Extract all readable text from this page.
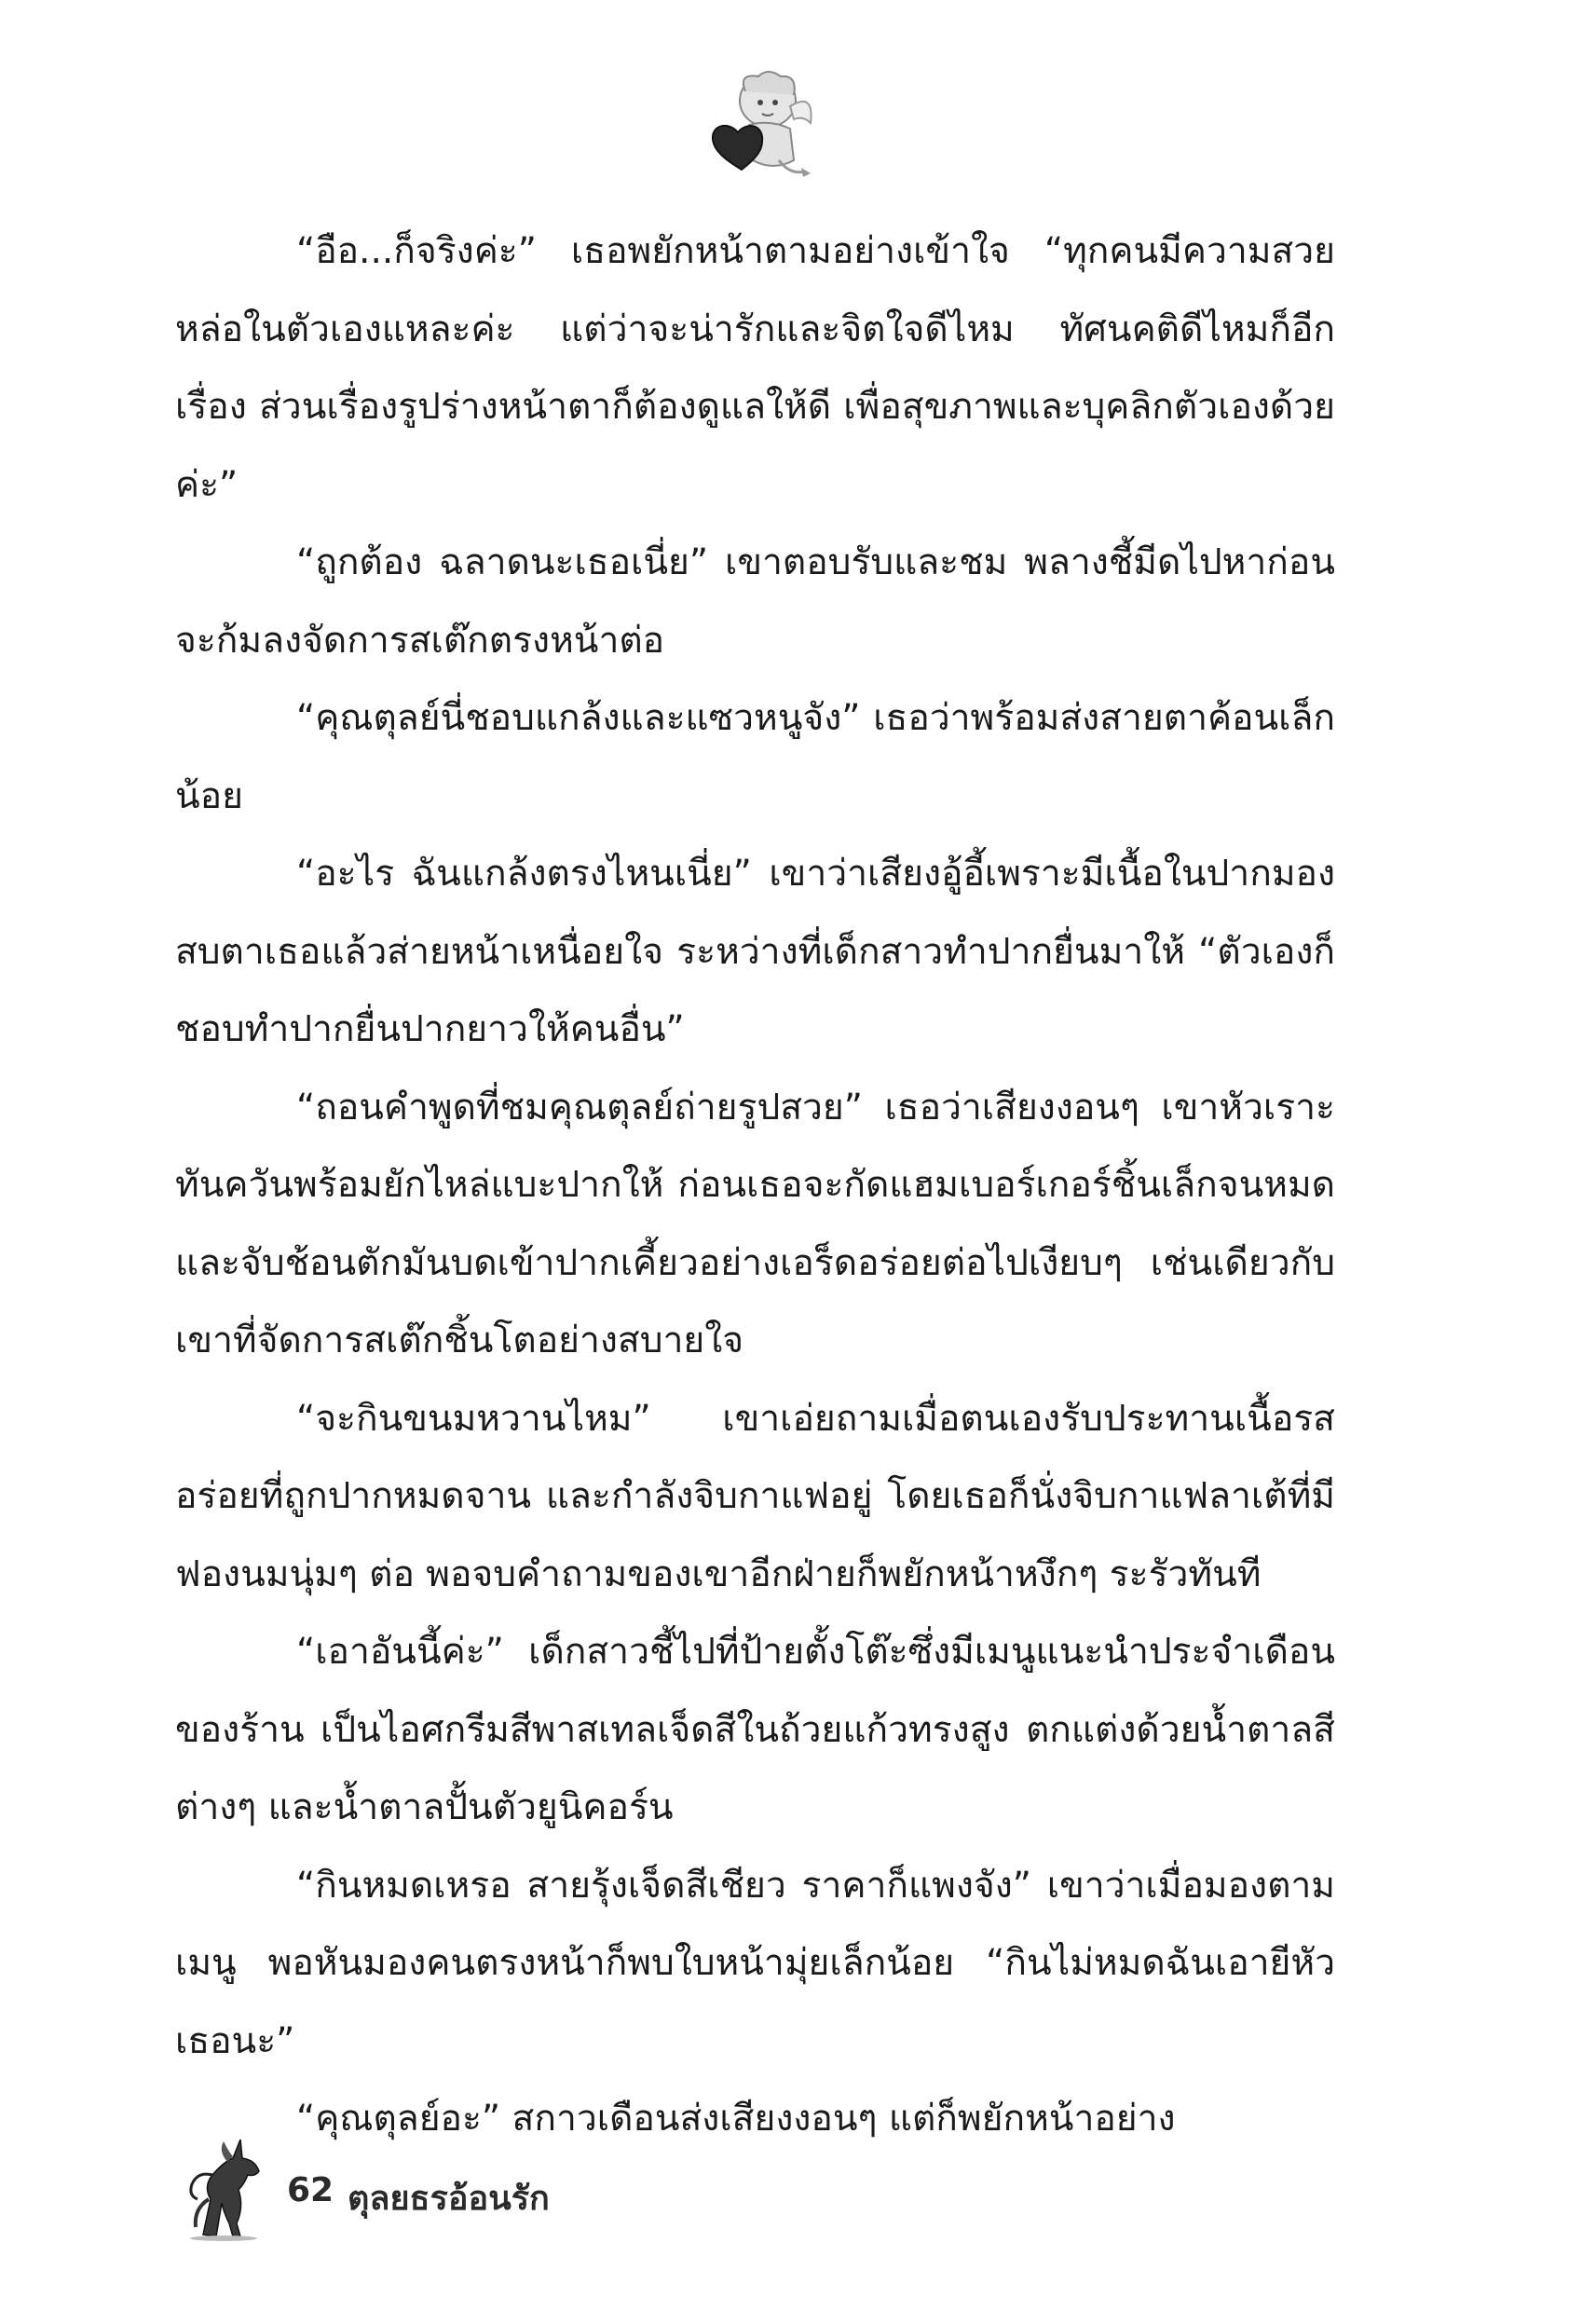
“อือ...ก็จริงค่ะ” เธอพยักหน้าตามอย่างเข้าใจ “ทุกคนมีความสวยหล่อในตัวเองแหละค่ะ แต่ว่าจะน่ารักและจิตใจดีไหม ทัศนคติดีไหมก็อีกเรื่อง ส่วนเรื่องรูปร่างหน้าตาก็ต้องดูแลให้ดี เพื่อสุขภาพและบุคลิกตัวเองด้วยค่ะ”

“ถูกต้อง ฉลาดนะเธอเนี่ย” เขาตอบรับและชม พลางชี้มีดไปหาก่อนจะก้มลงจัดการสเต๊กตรงหน้าต่อ

“คุณตุลย์นี่ชอบแกล้งและแซวหนูจัง” เธอว่าพร้อมส่งสายตาค้อนเล็กน้อย

“อะไร ฉันแกล้งตรงไหนเนี่ย” เขาว่าเสียงอู้อี้เพราะมีเนื้อในปากมองสบตาเธอแล้วส่ายหน้าเหนื่อยใจ ระหว่างที่เด็กสาวทำปากยื่นมาให้ “ตัวเองก็ชอบทำปากยื่นปากยาวให้คนอื่น”

“ถอนคำพูดที่ชมคุณตุลย์ถ่ายรูปสวย” เธอว่าเสียงงอนๆ เขาหัวเราะทันควันพร้อมยักไหล่แบะปากให้ ก่อนเธอจะกัดแฮมเบอร์เกอร์ชิ้นเล็กจนหมดและจับช้อนตักมันบดเข้าปากเคี้ยวอย่างเอร็ดอร่อยต่อไปเงียบๆ เช่นเดียวกับเขาที่จัดการสเต๊กชิ้นโตอย่างสบายใจ

“จะกินขนมหวานไหม” เขาเอ่ยถามเมื่อตนเองรับประทานเนื้อรสอร่อยที่ถูกปากหมดจาน และกำลังจิบกาแฟอยู่ โดยเธอก็นั่งจิบกาแฟลาเต้ที่มีฟองนมนุ่มๆ ต่อ พอจบคำถามของเขาอีกฝ่ายก็พยักหน้าหงึกๆ ระรัวทันที

“เอาอันนี้ค่ะ” เด็กสาวชี้ไปที่ป้ายตั้งโต๊ะซึ่งมีเมนูแนะนำประจำเดือนของร้าน เป็นไอศกรีมสีพาสเทลเจ็ดสีในถ้วยแก้วทรงสูง ตกแต่งด้วยน้ำตาลสีต่างๆ และน้ำตาลปั้นตัวยูนิคอร์น

“กินหมดเหรอ สายรุ้งเจ็ดสีเชียว ราคาก็แพงจัง” เขาว่าเมื่อมองตามเมนู พอหันมองคนตรงหน้าก็พบใบหน้ามุ่ยเล็กน้อย “กินไม่หมดฉันเอายีหัวเธอนะ”

“คุณตุลย์อะ” สกาวเดือนส่งเสียงงอนๆ แต่ก็พยักหน้าอย่าง

62 ตุลยธรอ้อนรัก
